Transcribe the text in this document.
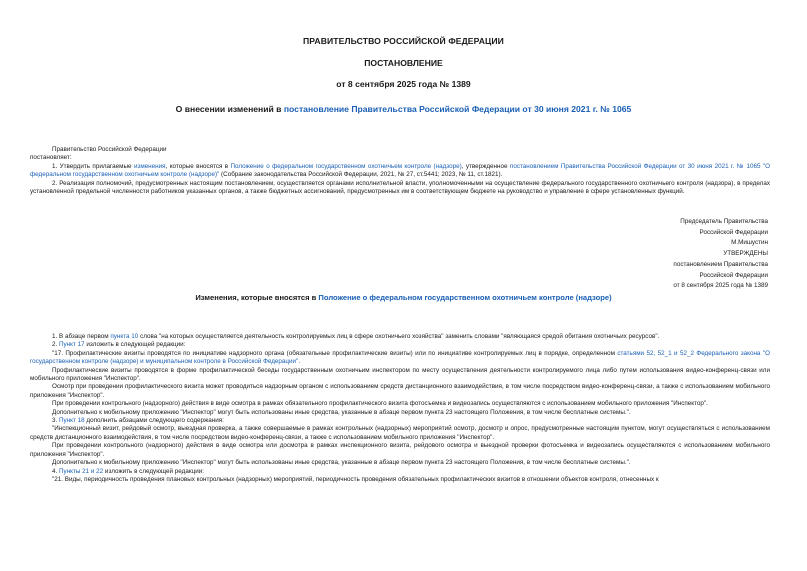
ПРАВИТЕЛЬСТВО РОССИЙСКОЙ ФЕДЕРАЦИИ
ПОСТАНОВЛЕНИЕ
от 8 сентября 2025 года № 1389
О внесении изменений в постановление Правительства Российской Федерации от 30 июня 2021 г. № 1065

Правительство Российской Федерации

постановляет:

1. Утвердить прилагаемые изменения, которые вносятся в Положение о федеральном государственном охотничьем контроле (надзоре), утвержденное постановлением Правительства Российской Федерации от 30 июня 2021 г. № 1065 "О федеральном государственном охотничьем контроле (надзоре)" (Собрание законодательства Российской Федерации, 2021, № 27, ст.5441; 2023, № 11, ст.1821).

2. Реализация полномочий, предусмотренных настоящим постановлением, осуществляется органами исполнительной власти, уполномоченными на осуществление федерального государственного охотничьего контроля (надзора), в пределах установленной предельной численности работников указанных органов, а также бюджетных ассигнований, предусмотренных им в соответствующем бюджете на руководство и управление в сфере установленных функций.

Председатель Правительства
Российской Федерации
М.Мишустин
УТВЕРЖДЕНЫ
постановлением Правительства
Российской Федерации
от 8 сентября 2025 года № 1389
Изменения, которые вносятся в Положение о федеральном государственном охотничьем контроле (надзоре)

1. В абзаце первом пункта 10 слова "на которых осуществляется деятельность контролируемых лиц в сфере охотничьего хозяйства" заменить словами "являющаяся средой обитания охотничьих ресурсов".

2. Пункт 17 изложить в следующей редакции:

"17. Профилактические визиты проводятся по инициативе надзорного органа (обязательные профилактические визиты) или по инициативе контролируемых лиц в порядке, определенном статьями 52, 52_1 и 52_2 Федерального закона "О государственном контроле (надзоре) и муниципальном контроле в Российской Федерации".

Профилактические визиты проводятся в форме профилактической беседы государственным охотничьим инспектором по месту осуществления деятельности контролируемого лица либо путем использования видео-конференц-связи или мобильного приложения "Инспектор".

Осмотр при проведении профилактического визита может проводиться надзорным органом с использованием средств дистанционного взаимодействия, в том числе посредством видео-конференц-связи, а также с использованием мобильного приложения "Инспектор".

При проведении контрольного (надзорного) действия в виде осмотра в рамках обязательного профилактического визита фотосъемка и видеозапись осуществляются с использованием мобильного приложения "Инспектор".

Дополнительно к мобильному приложению "Инспектор" могут быть использованы иные средства, указанные в абзаце первом пункта 23 настоящего Положения, в том числе бесплатные системы.".

3. Пункт 18 дополнить абзацами следующего содержания:

"Инспекционный визит, рейдовый осмотр, выездная проверка, а также совершаемые в рамках контрольных (надзорных) мероприятий осмотр, досмотр и опрос, предусмотренные настоящим пунктом, могут осуществляться с использованием средств дистанционного взаимодействия, в том числе посредством видео-конференц-связи, а также с использованием мобильного приложения "Инспектор".

При проведении контрольного (надзорного) действия в виде осмотра или досмотра в рамках инспекционного визита, рейдового осмотра и выездной проверки фотосъемка и видеозапись осуществляются с использованием мобильного приложения "Инспектор".

Дополнительно к мобильному приложению "Инспектор" могут быть использованы иные средства, указанные в абзаце первом пункта 23 настоящего Положения, в том числе бесплатные системы.".

4. Пункты 21 и 22 изложить в следующей редакции:

"21. Виды, периодичность проведения плановых контрольных (надзорных) мероприятий, периодичность проведения обязательных профилактических визитов в отношении объектов контроля, отнесенных к
